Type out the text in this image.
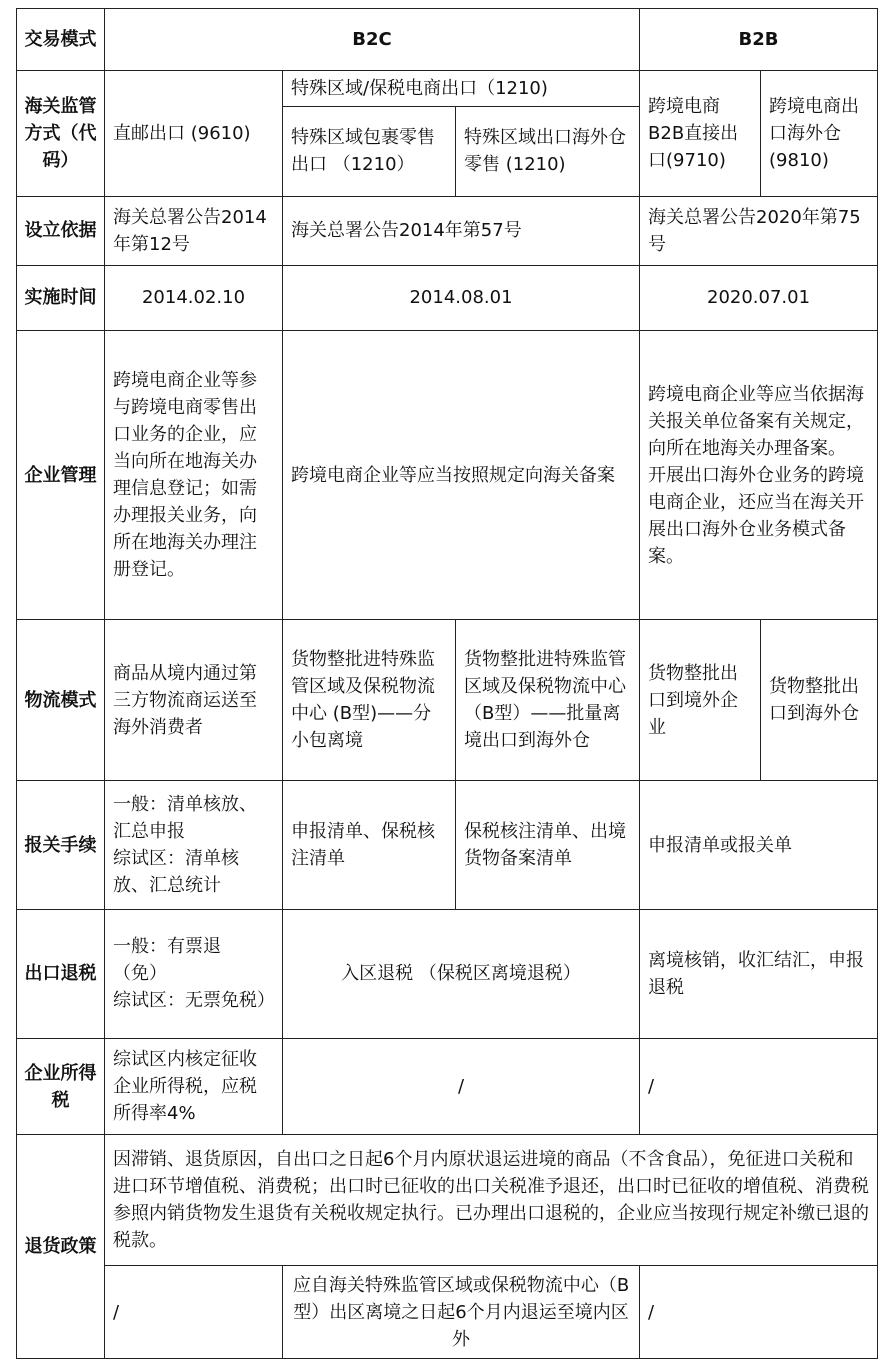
交易模式	B2C			B2B	
海关监管方式（代码）	直邮出口 (9610)	特殊区域/保税电商出口（1210)		跨境电商B2B直接出口(9710)	跨境电商出口海外仓 (9810)
		特殊区域包裹零售出口 （1210）	特殊区域出口海外仓零售 (1210)		
设立依据	海关总署公告2014年第12号	海关总署公告2014年第57号		海关总署公告2020年第75号	
实施时间	2014.02.10	2014.08.01		2020.07.01	
企业管理	跨境电商企业等参与跨境电商零售出口业务的企业，应当向所在地海关办理信息登记；如需办理报关业务，向所在地海关办理注册登记。	跨境电商企业等应当按照规定向海关备案		跨境电商企业等应当依据海关报关单位备案有关规定，向所在地海关办理备案。
开展出口海外仓业务的跨境电商企业，还应当在海关开展出口海外仓业务模式备案。	
物流模式	商品从境内通过第三方物流商运送至海外消费者	货物整批进特殊监管区域及保税物流中心 (B型)——分小包离境	货物整批进特殊监管区域及保税物流中心 （B型）——批量离境出口到海外仓	货物整批出口到境外企业	货物整批出口到海外仓
报关手续	一般：清单核放、汇总申报
综试区：清单核放、汇总统计	申报清单、保税核注清单	保税核注清单、出境货物备案清单	申报清单或报关单	
出口退税	一般：有票退（免）
综试区：无票免税）	入区退税 （保税区离境退税）		离境核销，收汇结汇，申报退税	
企业所得税	综试区内核定征收企业所得税，应税所得率4%	/		/	
退货政策	因滞销、退货原因，自出口之日起6个月内原状退运进境的商品（不含食品），免征进口关税和进口环节增值税、消费税；出口时已征收的出口关税准予退还，出口时已征收的增值税、消费税参照内销货物发生退货有关税收规定执行。已办理出口退税的，企业应当按现行规定补缴已退的税款。				
	/	应自海关特殊监管区域或保税物流中心（B型）出区离境之日起6个月内退运至境内区外		/	
